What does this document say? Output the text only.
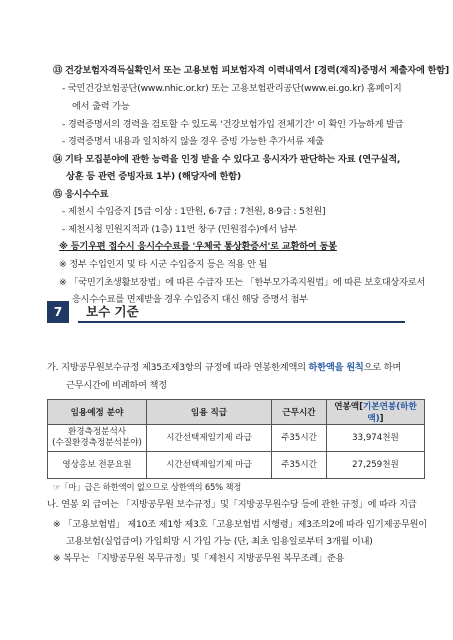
⑬ 건강보험자격득실확인서 또는 고용보험 피보험자격 이력내역서 [경력(재직)증명서 제출자에 한함]
- 국민건강보험공단(www.nhic.or.kr) 또는 고용보험관리공단(www.ei.go.kr) 홈페이지
에서 출력 가능
- 경력증명서의 경력을 검토할 수 있도록 '건강보험가입 전체기간' 이 확인 가능하게 발급
- 경력증명서 내용과 일치하지 않을 경우 증빙 가능한 추가서류 제출
⑭ 기타 모집분야에 관한 능력을 인정 받을 수 있다고 응시자가 판단하는 자료 (연구실적,
상훈 등 관련 증빙자료 1부) (해당자에 한함)
⑮ 응시수수료
- 제천시 수입증지 [5급 이상 : 1만원, 6·7급 : 7천원, 8·9급 : 5천원]
- 제천시청 민원지적과 (1층) 11번 창구 (민원접수)에서 납부
※ 등기우편 접수시 응시수수료를 '우체국 통상환증서'로 교환하여 동봉
※ 정부 수입인지 및 타 시군 수입증지 등은 적용 안 됨
※ 「국민기초생활보장법」에 따른 수급자 또는 「한부모가족지원법」에 따른 보호대상자로서
응시수수료를 면제받을 경우 수입증지 대신 해당 증명서 첨부
7	보수 기준
가. 지방공무원보수규정 제35조제3항의 규정에 따라 연봉한계액의 하한액을 원칙으로 하며
근무시간에 비례하여 책정
임용예정 분야	임용 직급	근무시간	연봉액[기본연봉(하한액)]

환경측정분석사
(수질환경측정분석분야)	시간선택제임기제 라급	주35시간	33,974천원
영상홍보 전문요원	시간선택제임기제 마급	주35시간	27,259천원
☞「마」급은 하한액이 없으므로 상한액의 65% 책정
나. 연봉 외 급여는 「지방공무원 보수규정」및「지방공무원수당 등에 관한 규정」에 따라 지급
※ 「고용보험법」 제10조 제1항 제3호「고용보험법 시행령」제3조의2에 따라 임기제공무원이
고용보험(실업급여) 가입희망 시 가입 가능 (단, 최초 임용일로부터 3개월 이내)
※ 복무는 「지방공무원 복무규정」및「제천시 지방공무원 복무조례」준용
